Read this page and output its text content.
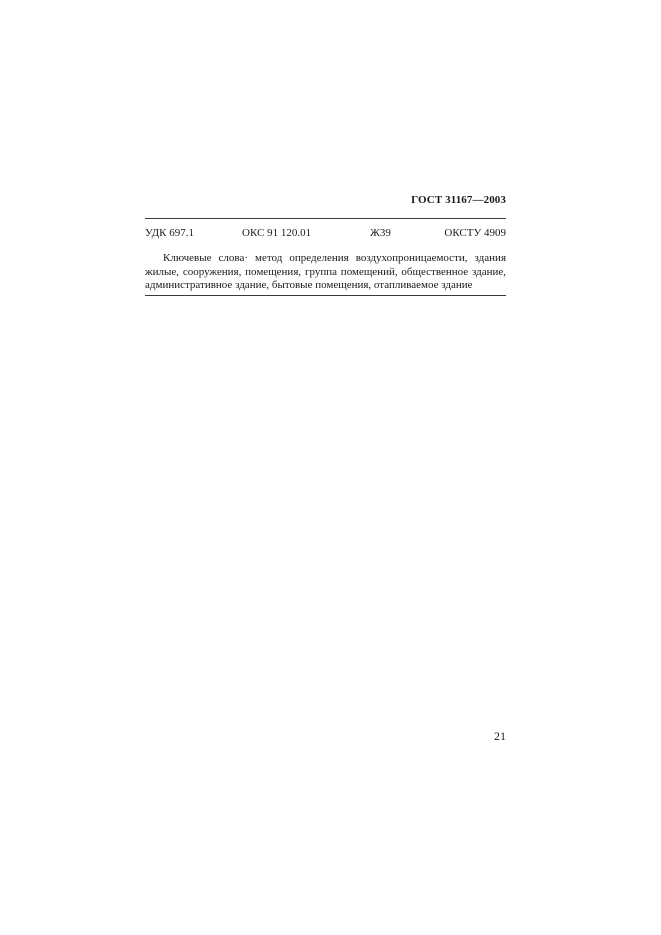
ГОСТ 31167—2003
УДК 697.1	ОКС 91 120.01	Ж39	ОКСТУ 4909
Ключевые слова· метод определения воздухопроницаемости, здания жилые, сооружения, помещения, группа помещений, общественное здание, административное здание, бытовые помещения, отапливаемое здание
21
